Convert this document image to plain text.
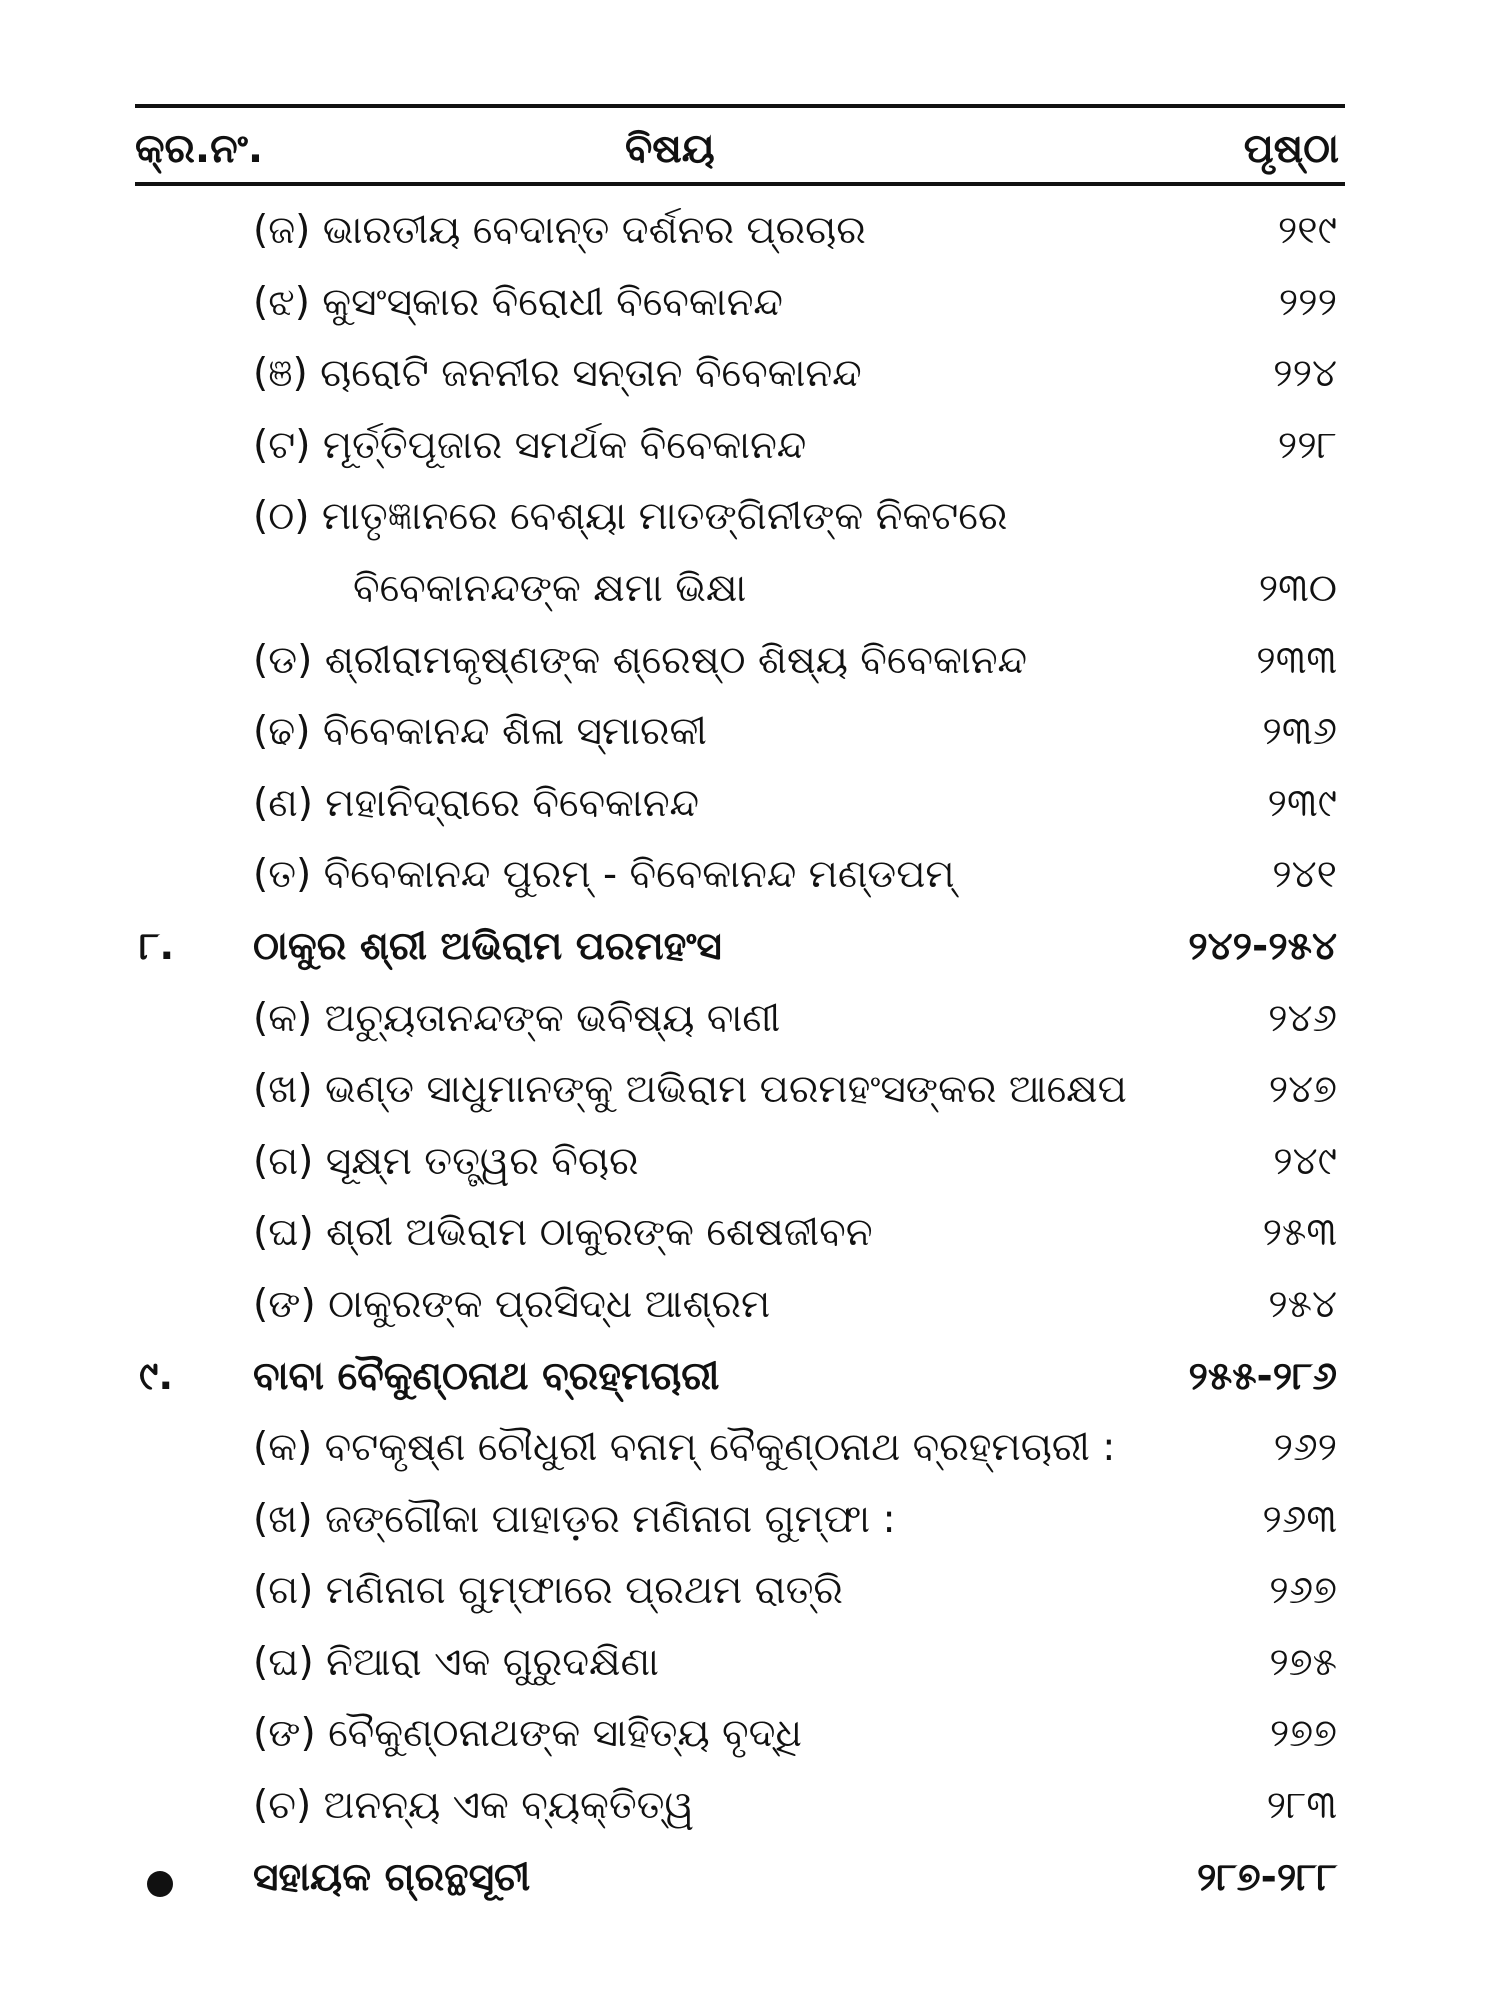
କ୍ର.ନଂ.	ବିଷୟ	ପୃଷ୍ଠା
(ଜ) ଭାରତୀୟ ବେଦାନ୍ତ ଦର୍ଶନର ପ୍ରଚାର	୨୧୯
(ଝ) କୁସଂସ୍କାର ବିରୋଧୀ ବିବେକାନନ୍ଦ	୨୨୨
(ଞ) ଚାରୋଟି ଜନନୀର ସନ୍ତାନ ବିବେକାନନ୍ଦ	୨୨୪
(ଟ) ମୂର୍ତ୍ତିପୂଜାର ସମର୍ଥକ ବିବେକାନନ୍ଦ	୨୨୮
(ଠ) ମାତୃଜ୍ଞାନରେ ବେଶ୍ୟା ମାତଙ୍ଗିନୀଙ୍କ ନିକଟରେ
ବିବେକାନନ୍ଦଙ୍କ କ୍ଷମା ଭିକ୍ଷା	୨୩୦
(ଡ) ଶ୍ରୀରାମକୃଷ୍ଣଙ୍କ ଶ୍ରେଷ୍ଠ ଶିଷ୍ୟ ବିବେକାନନ୍ଦ	୨୩୩
(ଢ) ବିବେକାନନ୍ଦ ଶିଳା ସ୍ମାରକୀ	୨୩୬
(ଣ) ମହାନିଦ୍ରାରେ ବିବେକାନନ୍ଦ	୨୩୯
(ତ) ବିବେକାନନ୍ଦ ପୁରମ୍ - ବିବେକାନନ୍ଦ ମଣ୍ଡପମ୍	୨୪୧
୮. ଠାକୁର ଶ୍ରୀ ଅଭିରାମ ପରମହଂସ	୨୪୨-୨୫୪
(କ) ଅଚ୍ୟୁତାନନ୍ଦଙ୍କ ଭବିଷ୍ୟ ବାଣୀ	୨୪୬
(ଖ) ଭଣ୍ଡ ସାଧୁମାନଙ୍କୁ ଅଭିରାମ ପରମହଂସଙ୍କର ଆକ୍ଷେପ	୨୪୭
(ଗ) ସୂକ୍ଷ୍ମ ତତ୍ତ୍ୱର ବିଚାର	୨୪୯
(ଘ) ଶ୍ରୀ ଅଭିରାମ ଠାକୁରଙ୍କ ଶେଷଜୀବନ	୨୫୩
(ଙ) ଠାକୁରଙ୍କ ପ୍ରସିଦ୍ଧ ଆଶ୍ରମ	୨୫୪
୯. ବାବା ବୈକୁଣ୍ଠନାଥ ବ୍ରହ୍ମଚାରୀ	୨୫୫-୨୮୬
(କ) ବଟକୃଷ୍ଣ ଚୌଧୁରୀ ବନାମ୍ ବୈକୁଣ୍ଠନାଥ ବ୍ରହ୍ମଚାରୀ :	୨୬୨
(ଖ) ଜଙ୍ଗୌକା ପାହାଡ଼ର ମଣିନାଗ ଗୁମ୍ଫା :	୨୬୩
(ଗ) ମଣିନାଗ ଗୁମ୍ଫାରେ ପ୍ରଥମ ରାତ୍ରି	୨୬୭
(ଘ) ନିଆରା ଏକ ଗୁରୁଦକ୍ଷିଣା	୨୭୫
(ଙ) ବୈକୁଣ୍ଠନାଥଙ୍କ ସାହିତ୍ୟ ବୃଦ୍ଧି	୨୭୭
(ଚ) ଅନନ୍ୟ ଏକ ବ୍ୟକ୍ତିତ୍ୱ	୨୮୩
ସହାୟକ ଗ୍ରନ୍ଥସୂଚୀ	୨୮୭-୨୮୮
